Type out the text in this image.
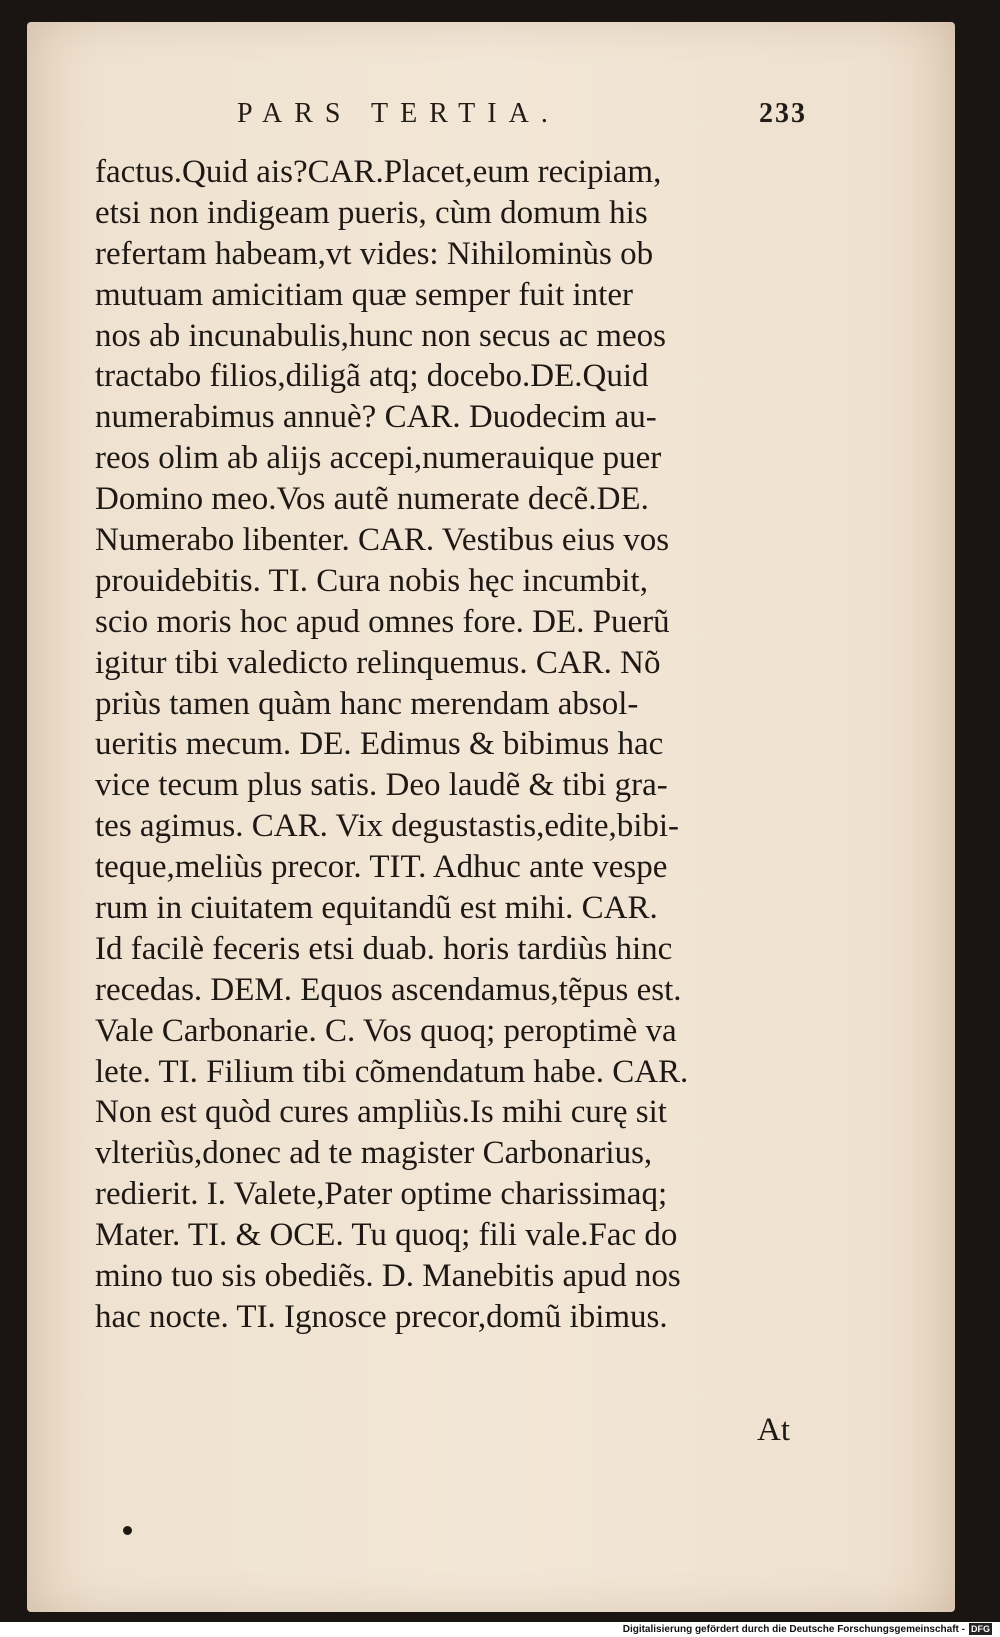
PARS TERTIA.	233
factus.Quid ais?CAR.Placet,eum recipiam,
etsi non indigeam pueris, cùm domum his
refertam habeam,vt vides: Nihilominùs ob
mutuam amicitiam quæ semper fuit inter
nos ab incunabulis,hunc non secus ac meos
tractabo filios,diligã atq; docebo.DE.Quid
numerabimus annuè? CAR. Duodecim au-
reos olim ab alijs accepi,numerauique puer
Domino meo.Vos autẽ numerate decẽ.DE.
Numerabo libenter. CAR. Vestibus eius vos
prouidebitis. TI. Cura nobis hęc incumbit,
scio moris hoc apud omnes fore. DE. Puerũ
igitur tibi valedicto relinquemus. CAR. Nõ
priùs tamen quàm hanc merendam absol-
ueritis mecum. DE. Edimus & bibimus hac
vice tecum plus satis. Deo laudẽ & tibi gra-
tes agimus. CAR. Vix degustastis,edite,bibi-
teque,meliùs precor. TIT. Adhuc ante vespe
rum in ciuitatem equitandũ est mihi. CAR.
Id facilè feceris etsi duab. horis tardiùs hinc
recedas. DEM. Equos ascendamus,tẽpus est.
Vale Carbonarie. C. Vos quoq; peroptimè va
lete. TI. Filium tibi cõmendatum habe. CAR.
Non est quòd cures ampliùs.Is mihi curę sit
vlteriùs,donec ad te magister Carbonarius,
redierit. I. Valete,Pater optime charissimaq;
Mater. TI. & OCE. Tu quoq; fili vale.Fac do
mino tuo sis obediẽs. D. Manebitis apud nos
hac nocte. TI. Ignosce precor,domũ ibimus.
At
Digitalisierung gefördert durch die Deutsche Forschungsgemeinschaft - DFG
